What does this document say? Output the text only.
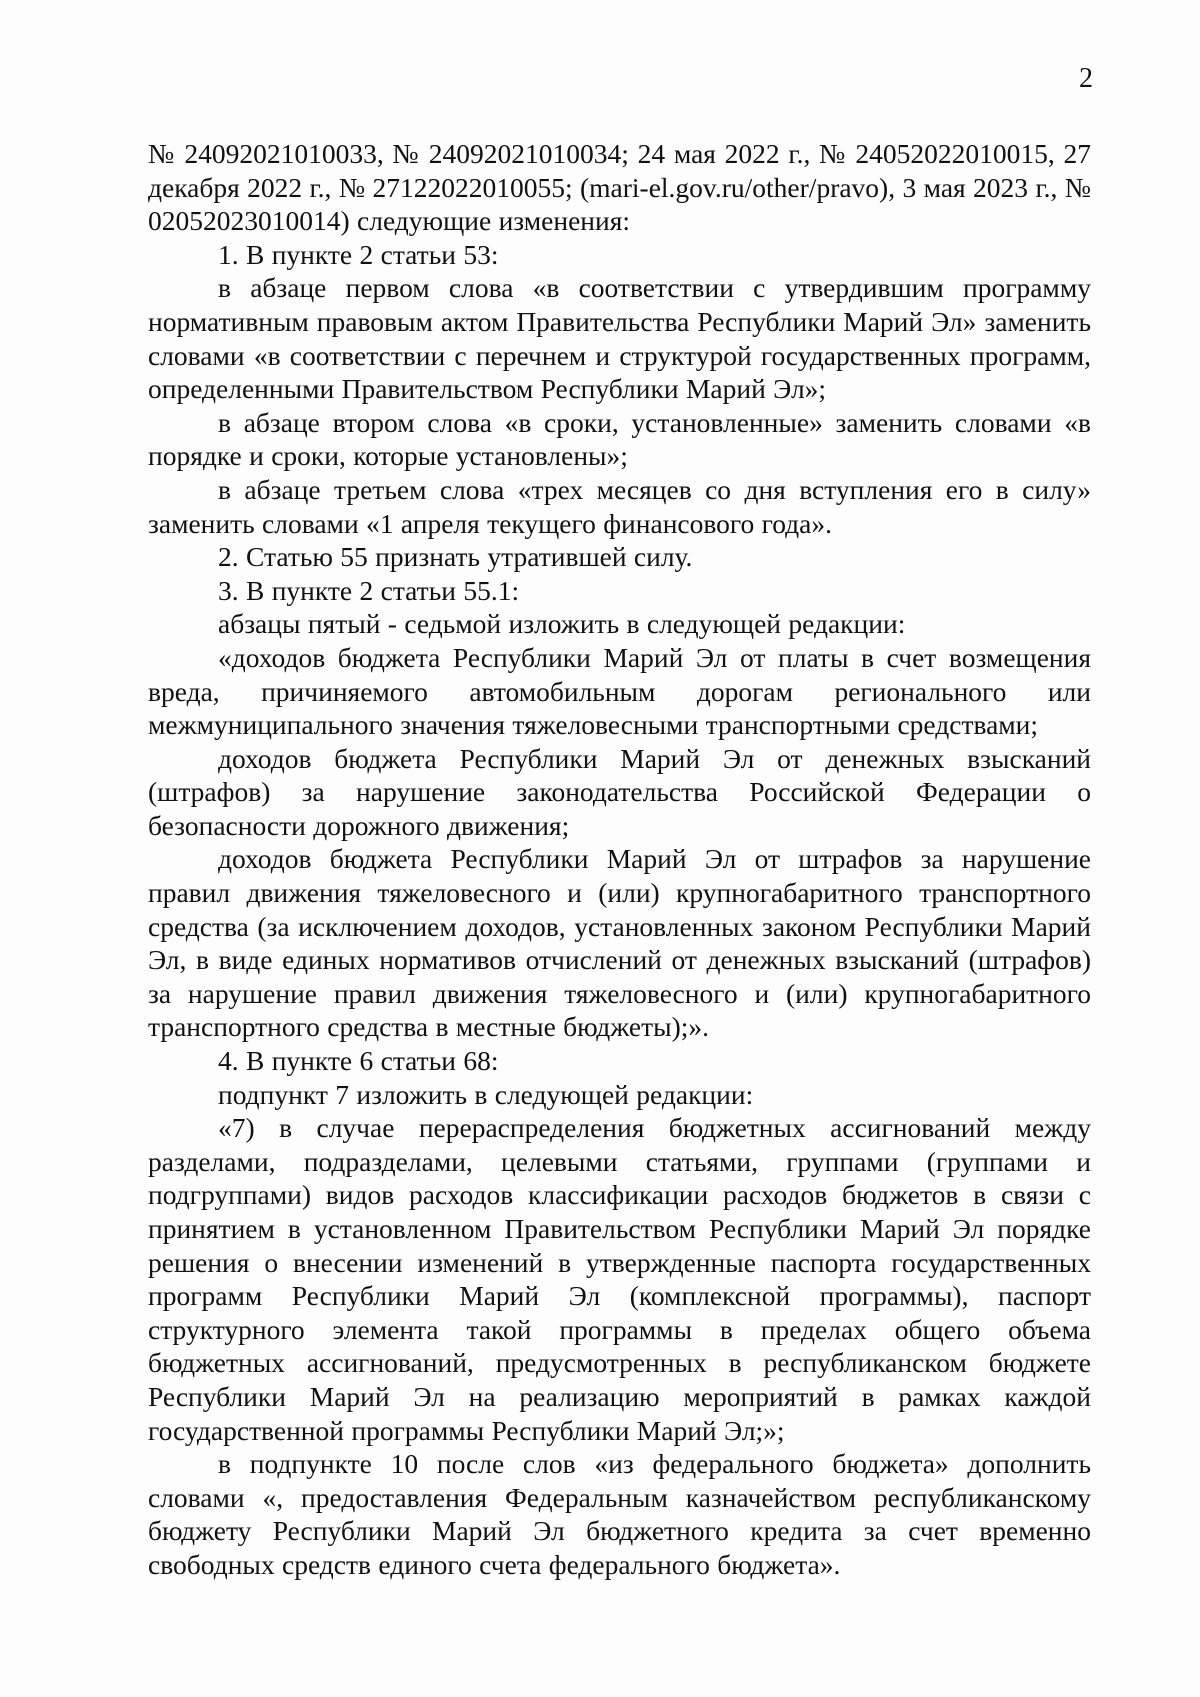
2

№ 24092021010033, № 24092021010034; 24 мая 2022 г., № 24052022010015, 27 декабря 2022 г., № 27122022010055; (mari-el.gov.ru/other/pravo), 3 мая 2023 г., № 02052023010014) следующие изменения:

1. В пункте 2 статьи 53:

в абзаце первом слова «в соответствии с утвердившим программу нормативным правовым актом Правительства Республики Марий Эл» заменить словами «в соответствии с перечнем и структурой государственных программ, определенными Правительством Республики Марий Эл»;

в абзаце втором слова «в сроки, установленные» заменить словами «в порядке и сроки, которые установлены»;

в абзаце третьем слова «трех месяцев со дня вступления его в силу» заменить словами «1 апреля текущего финансового года».

2. Статью 55 признать утратившей силу.

3. В пункте 2 статьи 55.1:

абзацы пятый - седьмой изложить в следующей редакции:

«доходов бюджета Республики Марий Эл от платы в счет возмещения вреда, причиняемого автомобильным дорогам регионального или межмуниципального значения тяжеловесными транспортными средствами;

доходов бюджета Республики Марий Эл от денежных взысканий (штрафов) за нарушение законодательства Российской Федерации о безопасности дорожного движения;

доходов бюджета Республики Марий Эл от штрафов за нарушение правил движения тяжеловесного и (или) крупногабаритного транспортного средства (за исключением доходов, установленных законом Республики Марий Эл, в виде единых нормативов отчислений от денежных взысканий (штрафов) за нарушение правил движения тяжеловесного и (или) крупногабаритного транспортного средства в местные бюджеты);».

4. В пункте 6 статьи 68:

подпункт 7 изложить в следующей редакции:

«7) в случае перераспределения бюджетных ассигнований между разделами, подразделами, целевыми статьями, группами (группами и подгруппами) видов расходов классификации расходов бюджетов в связи с принятием в установленном Правительством Республики Марий Эл порядке решения о внесении изменений в утвержденные паспорта государственных программ Республики Марий Эл (комплексной программы), паспорт структурного элемента такой программы в пределах общего объема бюджетных ассигнований, предусмотренных в республиканском бюджете Республики Марий Эл на реализацию мероприятий в рамках каждой государственной программы Республики Марий Эл;»;

в подпункте 10 после слов «из федерального бюджета» дополнить словами «, предоставления Федеральным казначейством республиканскому бюджету Республики Марий Эл бюджетного кредита за счет временно свободных средств единого счета федерального бюджета».
